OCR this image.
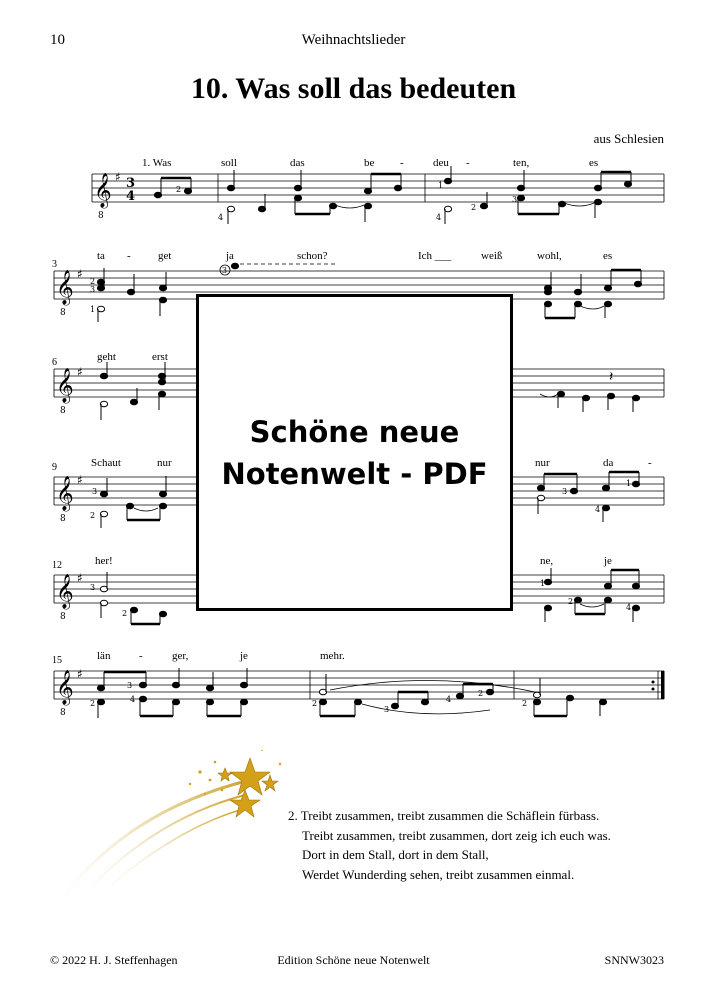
10	Weihnachtslieder
10. Was soll das bedeuten
aus Schlesien
1. Was	soll	das	be -	deu -	ten,	es
𝄞
8
♯ 3
4	2
4	4
1
2
3
3
ta - get	ja	schon?	Ich ___	weiß	wohl,	es
𝄞
8
♯	3
2
3
1
6	geht	erst
𝄞
8
♯	𝄽
9	Schaut	nur	nur	da	-
𝄞
8
♯
3
2
3
1
4
12	her!	ne,	je
𝄞
8
♯
3
2
1
2
4
15	län	-	ger,	je	mehr.
𝄞
8
♯
3
2	4	2
3
4
2
2
Schöne neue
Notenwelt - PDF
2. Treibt zusammen, treibt zusammen die Schäflein fürbass.
Treibt zusammen, treibt zusammen, dort zeig ich euch was.
Dort in dem Stall, dort in dem Stall,
Werdet Wunderding sehen, treibt zusammen einmal.
© 2022 H. J. Steffenhagen	Edition Schöne neue Notenwelt	SNNW3023
